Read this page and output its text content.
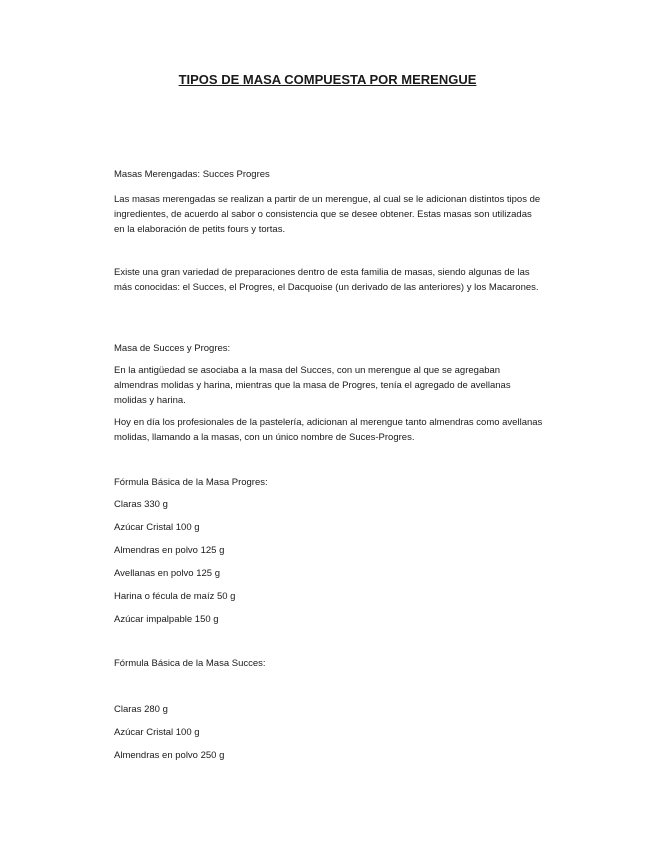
TIPOS DE MASA COMPUESTA POR MERENGUE

Masas Merengadas: Succes Progres

Las masas merengadas se realizan a partir de un merengue, al cual se le adicionan distintos tipos de ingredientes, de acuerdo al sabor o consistencia que se desee obtener. Estas masas son utilizadas en la elaboración de petits fours y tortas.

Existe una gran variedad de preparaciones dentro de esta familia de masas, siendo algunas de las más conocidas: el Succes, el Progres, el Dacquoise (un derivado de las anteriores) y los Macarones.

Masa de Succes y Progres:

En la antigüedad se asociaba a la masa del Succes, con un merengue al que se agregaban almendras molidas y harina, mientras que la masa de Progres, tenía el agregado de avellanas molidas y harina.

Hoy en día los profesionales de la pastelería, adicionan al merengue tanto almendras como avellanas molidas, llamando a la masas, con un único nombre de Suces-Progres.

Fórmula Básica de la Masa Progres:

Claras 330 g

Azúcar Cristal 100 g

Almendras en polvo 125 g

Avellanas en polvo 125 g

Harina o fécula de maíz 50 g

Azúcar impalpable 150 g

Fórmula Básica de la Masa Succes:

Claras 280 g

Azúcar Cristal 100 g

Almendras en polvo 250 g
